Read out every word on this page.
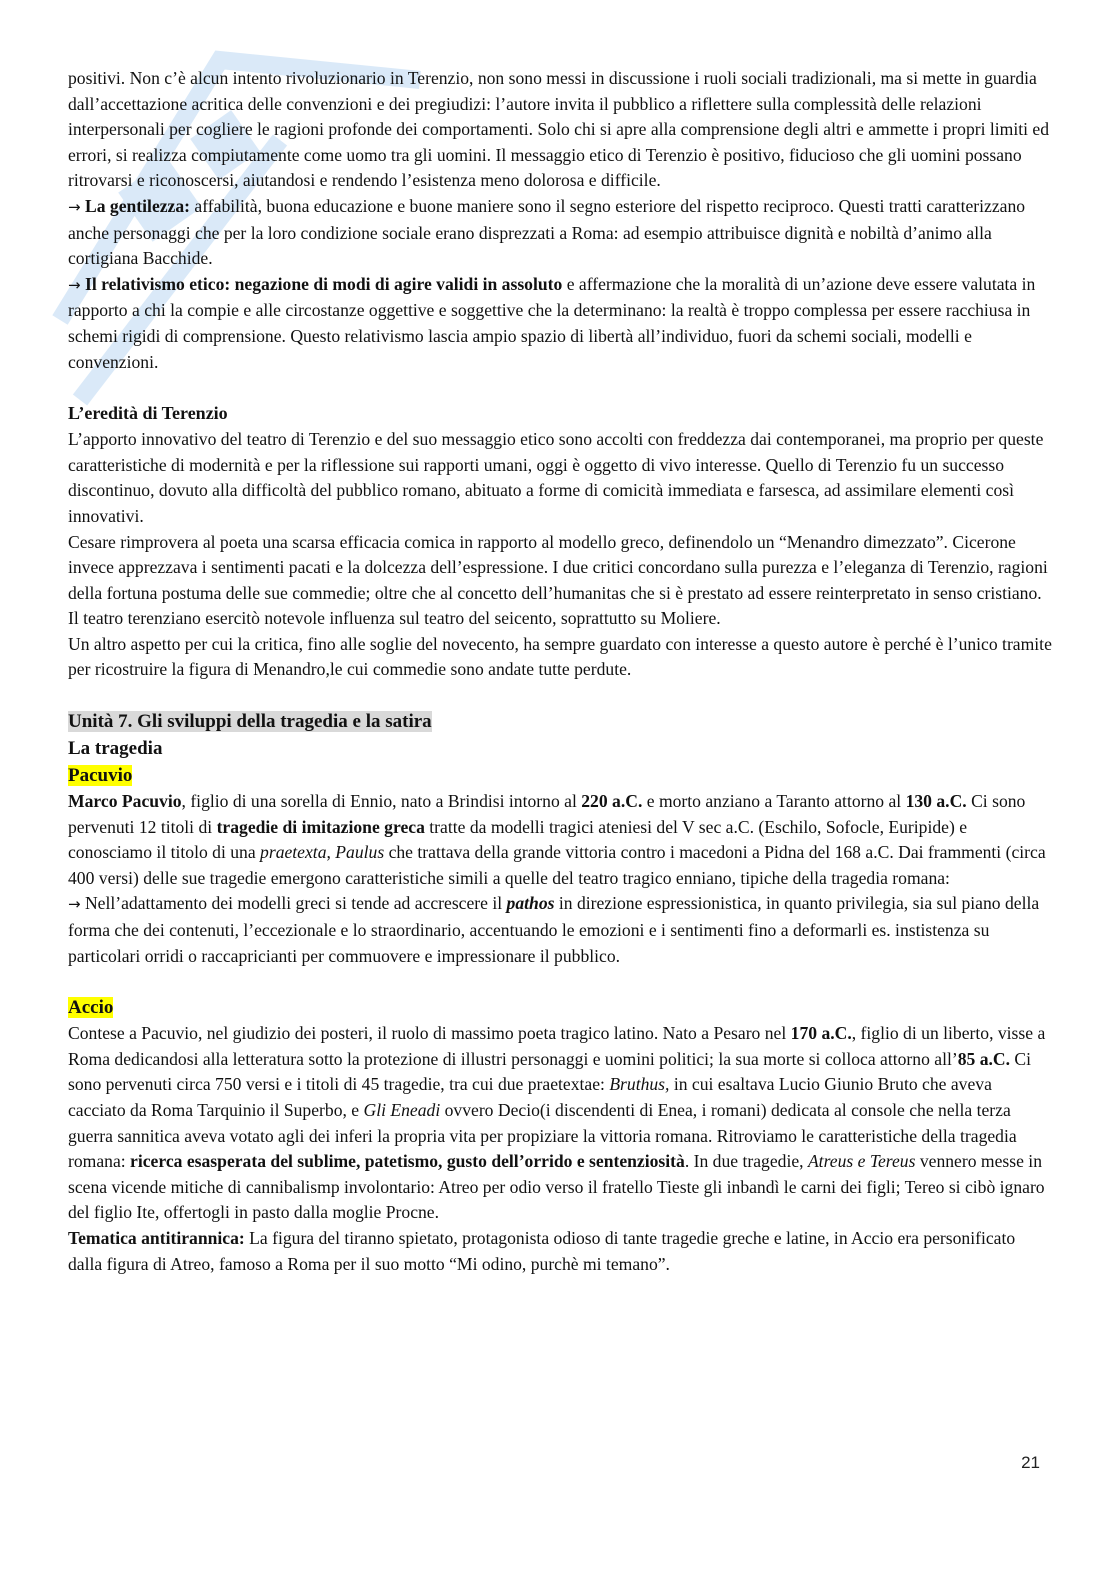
positivi. Non c’è alcun intento rivoluzionario in Terenzio, non sono messi in discussione i ruoli sociali tradizionali, ma si mette in guardia dall’accettazione acritica delle convenzioni e dei pregiudizi: l’autore invita il pubblico a riflettere sulla complessità delle relazioni interpersonali per cogliere le ragioni profonde dei comportamenti. Solo chi si apre alla comprensione degli altri e ammette i propri limiti ed errori, si realizza compiutamente come uomo tra gli uomini. Il messaggio etico di Terenzio è positivo, fiducioso che gli uomini possano ritrovarsi e riconoscersi, aiutandosi e rendendo l’esistenza meno dolorosa e difficile.

→ La gentilezza: affabilità, buona educazione e buone maniere sono il segno esteriore del rispetto reciproco. Questi tratti caratterizzano anche personaggi che per la loro condizione sociale erano disprezzati a Roma: ad esempio attribuisce dignità e nobiltà d’animo alla cortigiana Bacchide.

→ Il relativismo etico: negazione di modi di agire validi in assoluto e affermazione che la moralità di un’azione deve essere valutata in rapporto a chi la compie e alle circostanze oggettive e soggettive che la determinano: la realtà è troppo complessa per essere racchiusa in schemi rigidi di comprensione. Questo relativismo lascia ampio spazio di libertà all’individuo, fuori da schemi sociali, modelli e convenzioni.

L’eredità di Terenzio

L’apporto innovativo del teatro di Terenzio e del suo messaggio etico sono accolti con freddezza dai contemporanei, ma proprio per queste caratteristiche di modernità e per la riflessione sui rapporti umani, oggi è oggetto di vivo interesse. Quello di Terenzio fu un successo discontinuo, dovuto alla difficoltà del pubblico romano, abituato a forme di comicità immediata e farsesca, ad assimilare elementi così innovativi.

Cesare rimprovera al poeta una scarsa efficacia comica in rapporto al modello greco, definendolo un “Menandro dimezzato”. Cicerone invece apprezzava i sentimenti pacati e la dolcezza dell’espressione. I due critici concordano sulla purezza e l’eleganza di Terenzio, ragioni della fortuna postuma delle sue commedie; oltre che al concetto dell’humanitas che si è prestato ad essere reinterpretato in senso cristiano. Il teatro terenziano esercitò notevole influenza sul teatro del seicento, soprattutto su Moliere.

Un altro aspetto per cui la critica, fino alle soglie del novecento, ha sempre guardato con interesse a questo autore è perché è l’unico tramite per ricostruire la figura di Menandro,le cui commedie sono andate tutte perdute.

Unità 7. Gli sviluppi della tragedia e la satira

La tragedia

Pacuvio

Marco Pacuvio, figlio di una sorella di Ennio, nato a Brindisi intorno al 220 a.C. e morto anziano a Taranto attorno al 130 a.C. Ci sono pervenuti 12 titoli di tragedie di imitazione greca tratte da modelli tragici ateniesi del V sec a.C. (Eschilo, Sofocle, Euripide) e conosciamo il titolo di una praetexta, Paulus che trattava della grande vittoria contro i macedoni a Pidna del 168 a.C. Dai frammenti (circa 400 versi) delle sue tragedie emergono caratteristiche simili a quelle del teatro tragico enniano, tipiche della tragedia romana:

→ Nell’adattamento dei modelli greci si tende ad accrescere il pathos in direzione espressionistica, in quanto privilegia, sia sul piano della forma che dei contenuti, l’eccezionale e lo straordinario, accentuando le emozioni e i sentimenti fino a deformarli es. instistenza su particolari orridi o raccapricianti per commuovere e impressionare il pubblico.

Accio

Contese a Pacuvio, nel giudizio dei posteri, il ruolo di massimo poeta tragico latino. Nato a Pesaro nel 170 a.C., figlio di un liberto, visse a Roma dedicandosi alla letteratura sotto la protezione di illustri personaggi e uomini politici; la sua morte si colloca attorno all’85 a.C. Ci sono pervenuti circa 750 versi e i titoli di 45 tragedie, tra cui due praetextae: Bruthus, in cui esaltava Lucio Giunio Bruto che aveva cacciato da Roma Tarquinio il Superbo, e Gli Eneadi ovvero Decio(i discendenti di Enea, i romani) dedicata al console che nella terza guerra sannitica aveva votato agli dei inferi la propria vita per propiziare la vittoria romana. Ritroviamo le caratteristiche della tragedia romana: ricerca esasperata del sublime, patetismo, gusto dell’orrido e sentenziosità. In due tragedie, Atreus e Tereus vennero messe in scena vicende mitiche di cannibalismp involontario: Atreo per odio verso il fratello Tieste gli inbandì le carni dei figli; Tereo si cibò ignaro del figlio Ite, offertogli in pasto dalla moglie Procne.

Tematica antitirannica: La figura del tiranno spietato, protagonista odioso di tante tragedie greche e latine, in Accio era personificato dalla figura di Atreo, famoso a Roma per il suo motto “Mi odino, purchè mi temano”.

21
